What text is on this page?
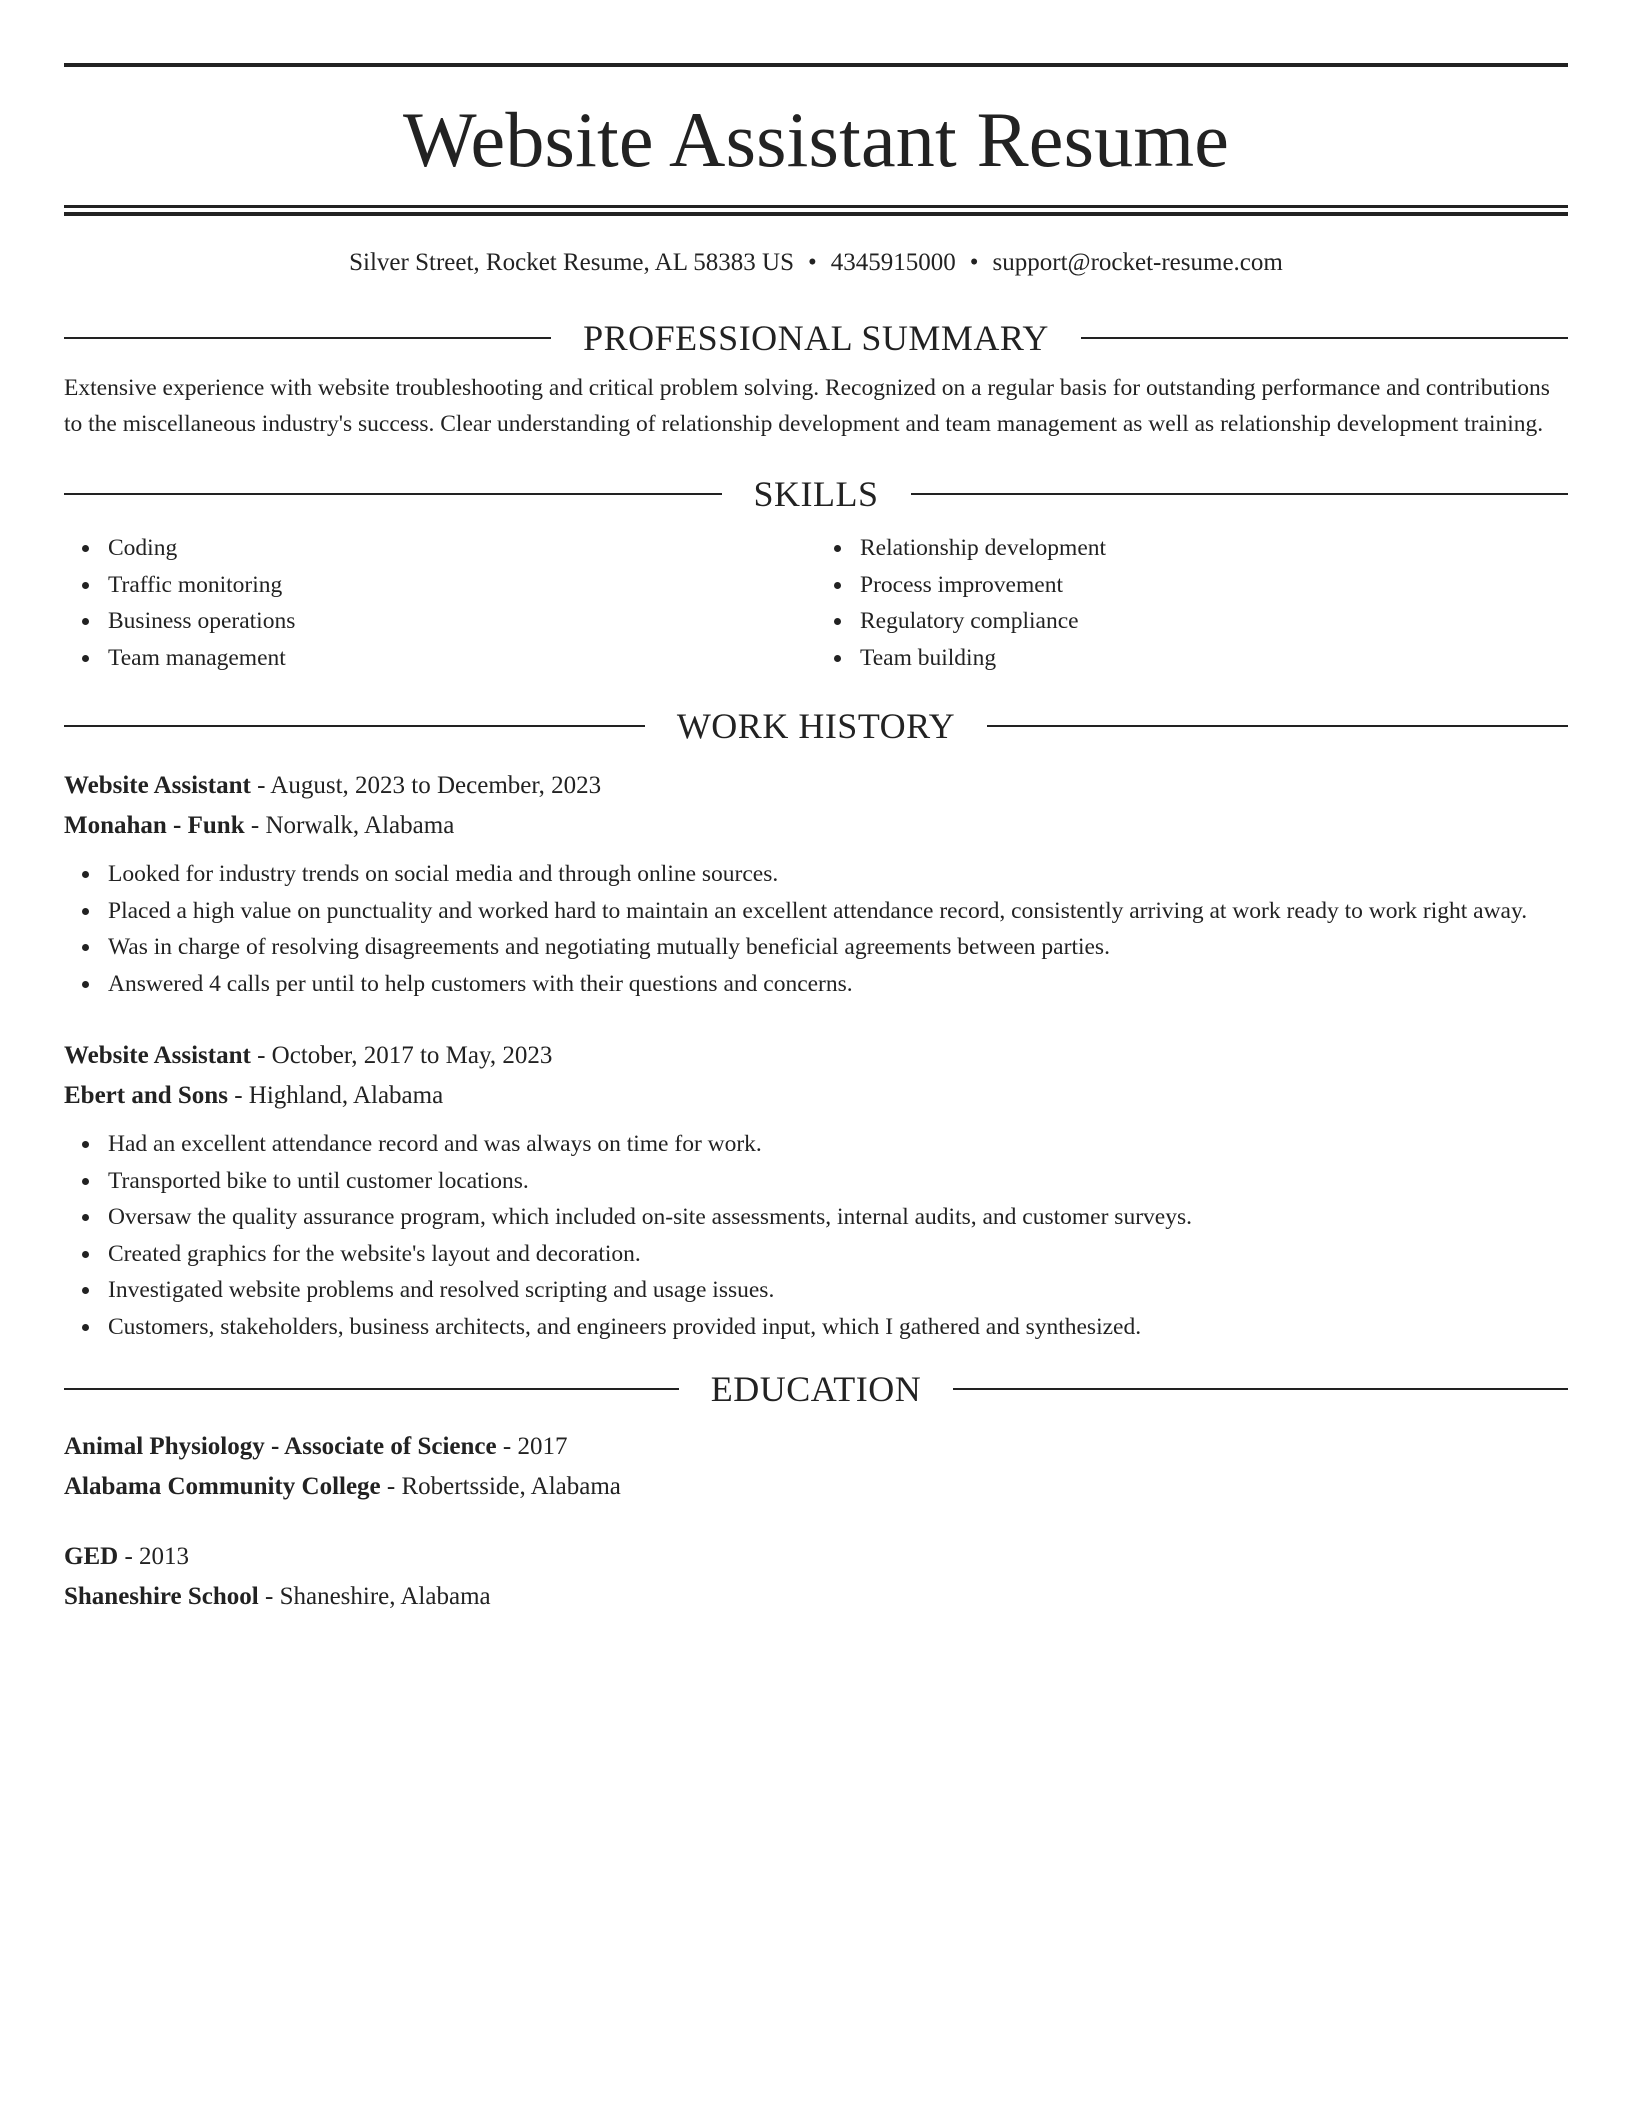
Website Assistant Resume
Silver Street, Rocket Resume, AL 58383 US • 4345915000 • support@rocket-resume.com
PROFESSIONAL SUMMARY
Extensive experience with website troubleshooting and critical problem solving. Recognized on a regular basis for outstanding performance and contributions to the miscellaneous industry's success. Clear understanding of relationship development and team management as well as relationship development training.
SKILLS
Coding
Traffic monitoring
Business operations
Team management
Relationship development
Process improvement
Regulatory compliance
Team building
WORK HISTORY
Website Assistant - August, 2023 to December, 2023
Monahan - Funk - Norwalk, Alabama
Looked for industry trends on social media and through online sources.
Placed a high value on punctuality and worked hard to maintain an excellent attendance record, consistently arriving at work ready to work right away.
Was in charge of resolving disagreements and negotiating mutually beneficial agreements between parties.
Answered 4 calls per until to help customers with their questions and concerns.
Website Assistant - October, 2017 to May, 2023
Ebert and Sons - Highland, Alabama
Had an excellent attendance record and was always on time for work.
Transported bike to until customer locations.
Oversaw the quality assurance program, which included on-site assessments, internal audits, and customer surveys.
Created graphics for the website's layout and decoration.
Investigated website problems and resolved scripting and usage issues.
Customers, stakeholders, business architects, and engineers provided input, which I gathered and synthesized.
EDUCATION
Animal Physiology - Associate of Science - 2017
Alabama Community College - Robertsside, Alabama
GED - 2013
Shaneshire School - Shaneshire, Alabama
